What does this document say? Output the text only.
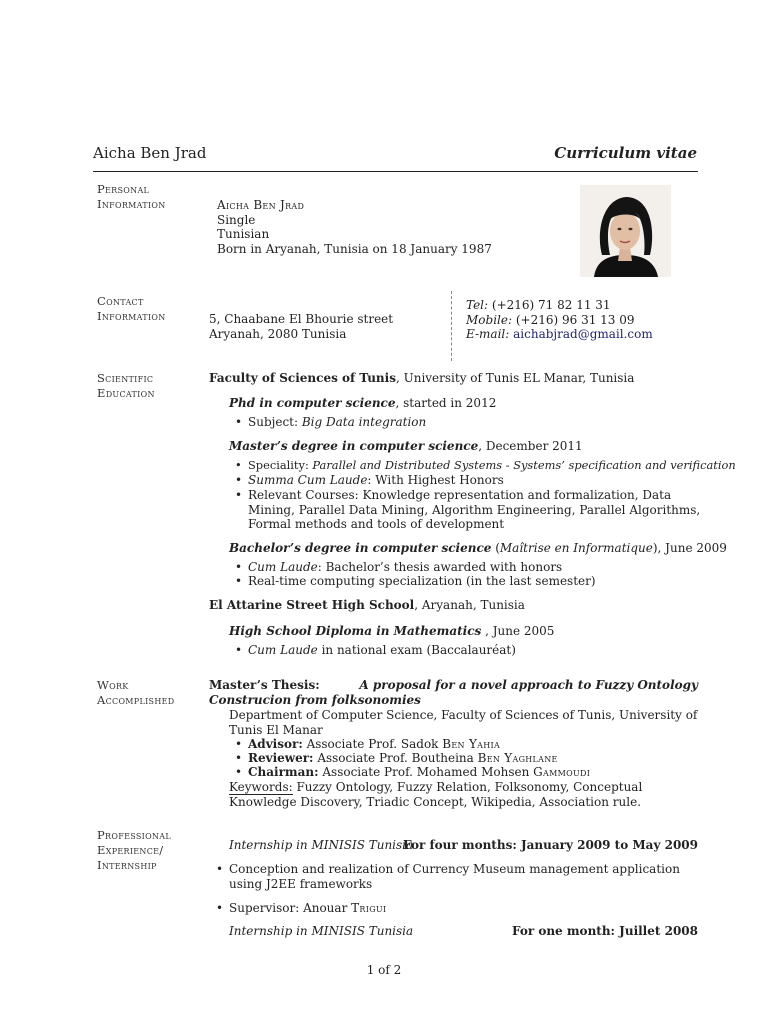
Aicha Ben Jrad	Curriculum vitae
Personal
Information	Aicha Ben Jrad
Single
Tunisian
Born in Aryanah, Tunisia on 18 January 1987
Contact
Information	5, Chaabane El Bhourie street
Aryanah, 2080 Tunisia
Tel: (+216) 71 82 11 31
Mobile: (+216) 96 31 13 09
E-mail: aichabjrad@gmail.com
Scientific
Education
Faculty of Sciences of Tunis, University of Tunis EL Manar, Tunisia
Phd in computer science, started in 2012
• Subject: Big Data integration
Master’s degree in computer science, December 2011
• Speciality: Parallel and Distributed Systems - Systems’ specification and verification
• Summa Cum Laude: With Highest Honors
• Relevant Courses: Knowledge representation and formalization, Data Mining, Parallel Data Mining, Algorithm Engineering, Parallel Algorithms, Formal methods and tools of development
Bachelor’s degree in computer science (Maîtrise en Informatique), June 2009
• Cum Laude: Bachelor’s thesis awarded with honors
• Real-time computing specialization (in the last semester)
El Attarine Street High School, Aryanah, Tunisia
High School Diploma in Mathematics , June 2005
• Cum Laude in national exam (Baccalauréat)
Work
Accomplished
Master’s Thesis:	A proposal for a novel approach to Fuzzy Ontology
Construcion from folksonomies
Department of Computer Science, Faculty of Sciences of Tunis, University of Tunis El Manar
• Advisor: Associate Prof. Sadok Ben Yahia
• Reviewer: Associate Prof. Boutheina Ben Yaghlane
• Chairman: Associate Prof. Mohamed Mohsen Gammoudi
Keywords: Fuzzy Ontology, Fuzzy Relation, Folksonomy, Conceptual Knowledge Discovery, Triadic Concept, Wikipedia, Association rule.
Professional
Experience/
Internship
Internship in MINISIS Tunisia
For four months: January 2009 to May 2009
• Conception and realization of Currency Museum management application using J2EE frameworks
• Supervisor: Anouar Trigui
Internship in MINISIS Tunisia	For one month: Juillet 2008
1 of 2
